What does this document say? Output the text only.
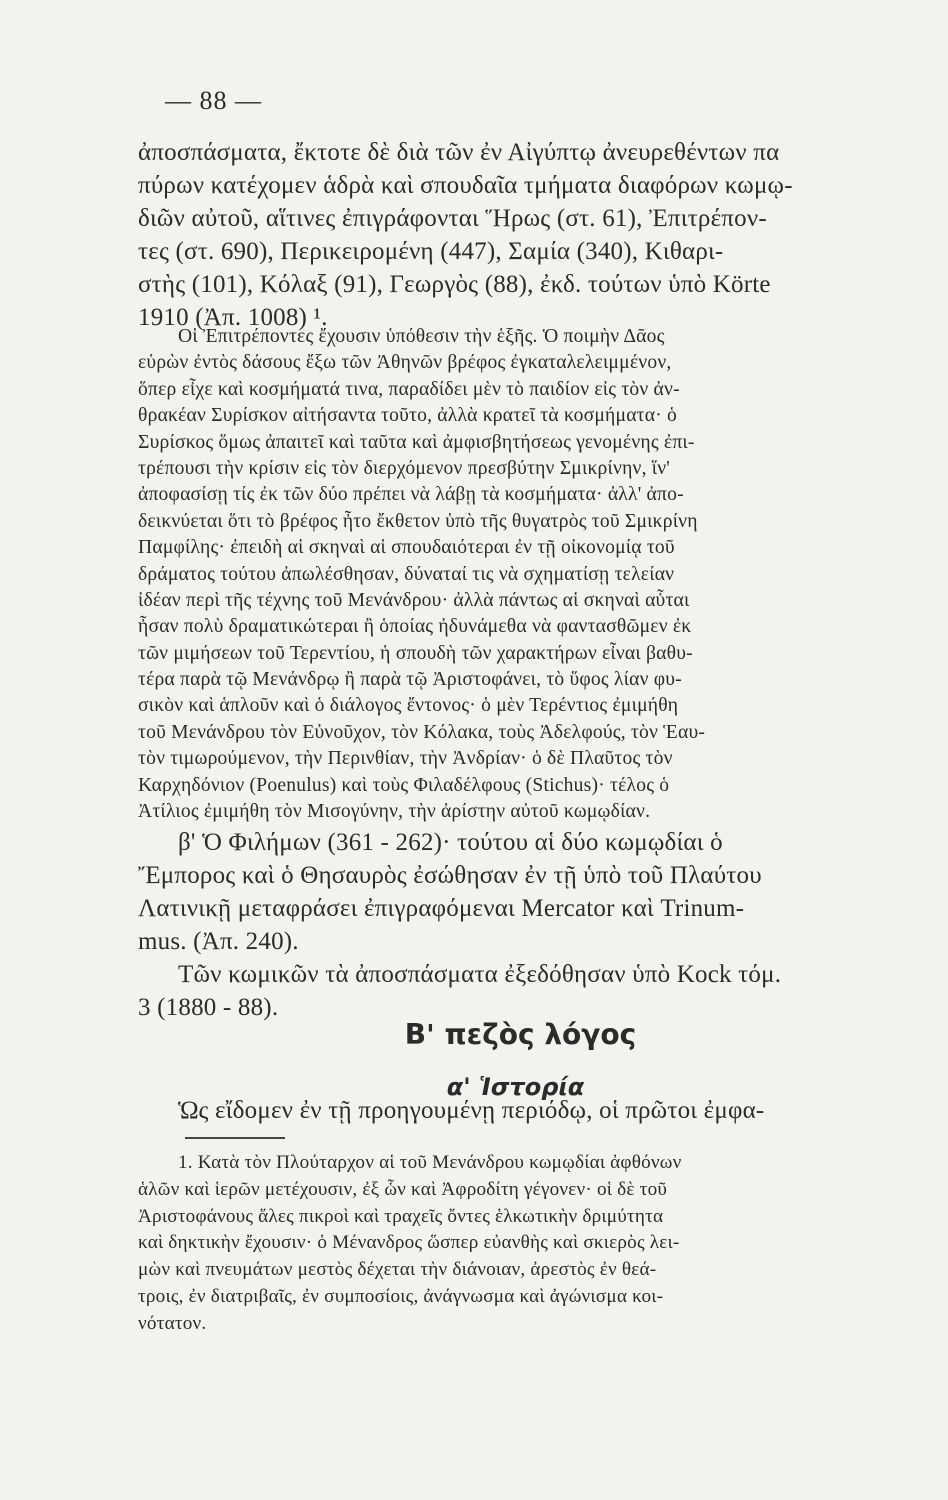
— 88 —
ἀποσπάσματα, ἔκτοτε δὲ διὰ τῶν ἐν Αἰγύπτῳ ἀνευρεθέντων πα
πύρων κατέχομεν ἁδρὰ καὶ σπουδαῖα τμήματα διαφόρων κωμῳ-
διῶν αὐτοῦ, αἵτινες ἐπιγράφονται Ἥρως (στ. 61), Ἐπιτρέπον-
τες (στ. 690), Περικειρομένη (447), Σαμία (340), Κιθαρι-
στὴς (101), Κόλαξ (91), Γεωργὸς (88), ἐκδ. τούτων ὑπὸ Körte
1910 (Ἀπ. 1008) ¹.
Οἱ Ἐπιτρέποντες ἔχουσιν ὑπόθεσιν τὴν ἑξῆς. Ὁ ποιμὴν Δᾶος
εὑρὼν ἐντὸς δάσους ἔξω τῶν Ἀθηνῶν βρέφος ἐγκαταλελειμμένον,
ὅπερ εἶχε καὶ κοσμήματά τινα, παραδίδει μὲν τὸ παιδίον εἰς τὸν ἀν-
θρακέαν Συρίσκον αἰτήσαντα τοῦτο, ἀλλὰ κρατεῖ τὰ κοσμήματα· ὁ
Συρίσκος ὅμως ἀπαιτεῖ καὶ ταῦτα καὶ ἀμφισβητήσεως γενομένης ἐπι-
τρέπουσι τὴν κρίσιν εἰς τὸν διερχόμενον πρεσβύτην Σμικρίνην, ἵν'
ἀποφασίσῃ τίς ἐκ τῶν δύο πρέπει νὰ λάβῃ τὰ κοσμήματα· ἀλλ' ἀπο-
δεικνύεται ὅτι τὸ βρέφος ἦτο ἔκθετον ὑπὸ τῆς θυγατρὸς τοῦ Σμικρίνη
Παμφίλης· ἐπειδὴ αἱ σκηναὶ αἱ σπουδαιότεραι ἐν τῇ οἰκονομίᾳ τοῦ
δράματος τούτου ἀπωλέσθησαν, δύναταί τις νὰ σχηματίσῃ τελείαν
ἰδέαν περὶ τῆς τέχνης τοῦ Μενάνδρου· ἀλλὰ πάντως αἱ σκηναὶ αὗται
ἦσαν πολὺ δραματικώτεραι ἢ ὁποίας ἠδυνάμεθα νὰ φαντασθῶμεν ἐκ
τῶν μιμήσεων τοῦ Τερεντίου, ἡ σπουδὴ τῶν χαρακτήρων εἶναι βαθυ-
τέρα παρὰ τῷ Μενάνδρῳ ἢ παρὰ τῷ Ἀριστοφάνει, τὸ ὕφος λίαν φυ-
σικὸν καὶ ἁπλοῦν καὶ ὁ διάλογος ἔντονος· ὁ μὲν Τερέντιος ἐμιμήθη
τοῦ Μενάνδρου τὸν Εὐνοῦχον, τὸν Κόλακα, τοὺς Ἀδελφούς, τὸν Ἑαυ-
τὸν τιμωρούμενον, τὴν Περινθίαν, τὴν Ἀνδρίαν· ὁ δὲ Πλαῦτος τὸν
Καρχηδόνιον (Poenulus) καὶ τοὺς Φιλαδέλφους (Stichus)· τέλος ὁ
Ἀτίλιος ἐμιμήθη τὸν Μισογύνην, τὴν ἀρίστην αὐτοῦ κωμῳδίαν.
β' Ὁ Φιλήμων (361 - 262)· τούτου αἱ δύο κωμῳδίαι ὁ
Ἔμπορος καὶ ὁ Θησαυρὸς ἐσώθησαν ἐν τῇ ὑπὸ τοῦ Πλαύτου
Λατινικῇ μεταφράσει ἐπιγραφόμεναι Mercator καὶ Trinum-
mus. (Ἀπ. 240).
Τῶν κωμικῶν τὰ ἀποσπάσματα ἐξεδόθησαν ὑπὸ Kock τόμ.
3 (1880 - 88).
Β' πεζὸς λόγος
α' Ἱστορία
Ὡς εἴδομεν ἐν τῇ προηγουμένῃ περιόδῳ, οἱ πρῶτοι ἐμφα-
1. Κατὰ τὸν Πλούταρχον αἱ τοῦ Μενάνδρου κωμῳδίαι ἀφθόνων
ἁλῶν καὶ ἱερῶν μετέχουσιν, ἐξ ὧν καὶ Ἀφροδίτη γέγονεν· οἱ δὲ τοῦ
Ἀριστοφάνους ἅλες πικροὶ καὶ τραχεῖς ὄντες ἑλκωτικὴν δριμύτητα
καὶ δηκτικὴν ἔχουσιν· ὁ Μένανδρος ὥσπερ εὐανθὴς καὶ σκιερὸς λει-
μὼν καὶ πνευμάτων μεστὸς δέχεται τὴν διάνοιαν, ἀρεστὸς ἐν θεά-
τροις, ἐν διατριβαῖς, ἐν συμποσίοις, ἀνάγνωσμα καὶ ἀγώνισμα κοι-
νότατον.
